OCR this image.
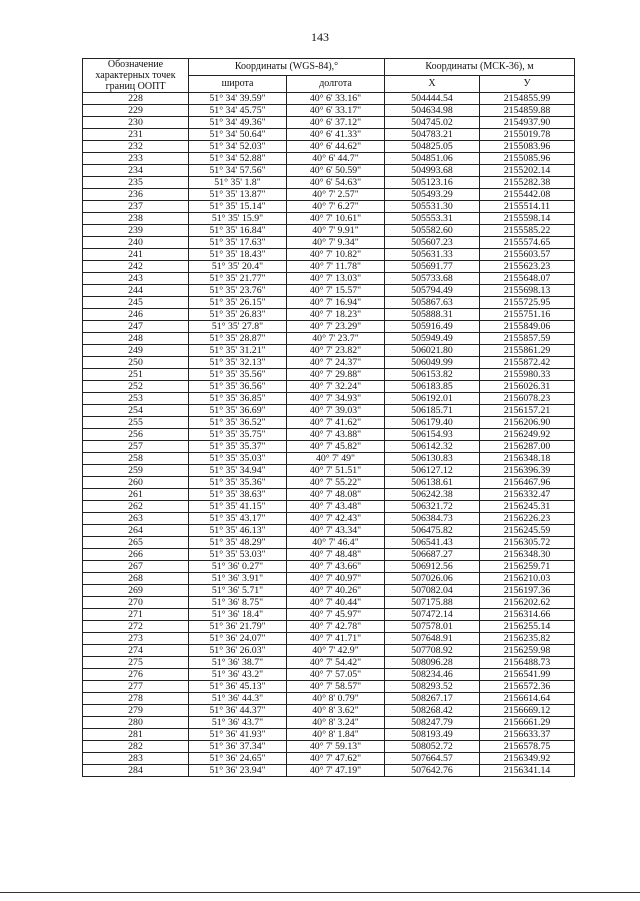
143
Обозначение характерных точек границ ООПТ	Координаты (WGS-84),°		Координаты (МСК-36), м	
	широта	долгота	X	У
228	51° 34' 39.59"	40° 6' 33.16"	504444.54	2154855.99
229	51° 34' 45.75"	40° 6' 33.17"	504634.98	2154859.88
230	51° 34' 49.36"	40° 6' 37.12"	504745.02	2154937.90
231	51° 34' 50.64"	40° 6' 41.33"	504783.21	2155019.78
232	51° 34' 52.03"	40° 6' 44.62"	504825.05	2155083.96
233	51° 34' 52.88"	40° 6' 44.7"	504851.06	2155085.96
234	51° 34' 57.56"	40° 6' 50.59"	504993.68	2155202.14
235	51° 35' 1.8"	40° 6' 54.63"	505123.16	2155282.38
236	51° 35' 13.87"	40° 7' 2.57"	505493.29	2155442.08
237	51° 35' 15.14"	40° 7' 6.27"	505531.30	2155514.11
238	51° 35' 15.9"	40° 7' 10.61"	505553.31	2155598.14
239	51° 35' 16.84"	40° 7' 9.91"	505582.60	2155585.22
240	51° 35' 17.63"	40° 7' 9.34"	505607.23	2155574.65
241	51° 35' 18.43"	40° 7' 10.82"	505631.33	2155603.57
242	51° 35' 20.4"	40° 7' 11.78"	505691.77	2155623.23
243	51° 35' 21.77"	40° 7' 13.03"	505733.68	2155648.07
244	51° 35' 23.76"	40° 7' 15.57"	505794.49	2155698.13
245	51° 35' 26.15"	40° 7' 16.94"	505867.63	2155725.95
246	51° 35' 26.83"	40° 7' 18.23"	505888.31	2155751.16
247	51° 35' 27.8"	40° 7' 23.29"	505916.49	2155849.06
248	51° 35' 28.87"	40° 7' 23.7"	505949.49	2155857.59
249	51° 35' 31.21"	40° 7' 23.82"	506021.80	2155861.29
250	51° 35' 32.13"	40° 7' 24.37"	506049.99	2155872.42
251	51° 35' 35.56"	40° 7' 29.88"	506153.82	2155980.33
252	51° 35' 36.56"	40° 7' 32.24"	506183.85	2156026.31
253	51° 35' 36.85"	40° 7' 34.93"	506192.01	2156078.23
254	51° 35' 36.69"	40° 7' 39.03"	506185.71	2156157.21
255	51° 35' 36.52"	40° 7' 41.62"	506179.40	2156206.90
256	51° 35' 35.75"	40° 7' 43.88"	506154.93	2156249.92
257	51° 35' 35.37"	40° 7' 45.82"	506142.32	2156287.00
258	51° 35' 35.03"	40° 7' 49"	506130.83	2156348.18
259	51° 35' 34.94"	40° 7' 51.51"	506127.12	2156396.39
260	51° 35' 35.36"	40° 7' 55.22"	506138.61	2156467.96
261	51° 35' 38.63"	40° 7' 48.08"	506242.38	2156332.47
262	51° 35' 41.15"	40° 7' 43.48"	506321.72	2156245.31
263	51° 35' 43.17"	40° 7' 42.43"	506384.73	2156226.23
264	51° 35' 46.13"	40° 7' 43.34"	506475.82	2156245.59
265	51° 35' 48.29"	40° 7' 46.4"	506541.43	2156305.72
266	51° 35' 53.03"	40° 7' 48.48"	506687.27	2156348.30
267	51° 36' 0.27"	40° 7' 43.66"	506912.56	2156259.71
268	51° 36' 3.91"	40° 7' 40.97"	507026.06	2156210.03
269	51° 36' 5.71"	40° 7' 40.26"	507082.04	2156197.36
270	51° 36' 8.75"	40° 7' 40.44"	507175.88	2156202.62
271	51° 36' 18.4"	40° 7' 45.97"	507472.14	2156314.66
272	51° 36' 21.79"	40° 7' 42.78"	507578.01	2156255.14
273	51° 36' 24.07"	40° 7' 41.71"	507648.91	2156235.82
274	51° 36' 26.03"	40° 7' 42.9"	507708.92	2156259.98
275	51° 36' 38.7"	40° 7' 54.42"	508096.28	2156488.73
276	51° 36' 43.2"	40° 7' 57.05"	508234.46	2156541.99
277	51° 36' 45.13"	40° 7' 58.57"	508293.52	2156572.36
278	51° 36' 44.3"	40° 8' 0.79"	508267.17	2156614.64
279	51° 36' 44.37"	40° 8' 3.62"	508268.42	2156669.12
280	51° 36' 43.7"	40° 8' 3.24"	508247.79	2156661.29
281	51° 36' 41.93"	40° 8' 1.84"	508193.49	2156633.37
282	51° 36' 37.34"	40° 7' 59.13"	508052.72	2156578.75
283	51° 36' 24.65"	40° 7' 47.62"	507664.57	2156349.92
284	51° 36' 23.94"	40° 7' 47.19"	507642.76	2156341.14
